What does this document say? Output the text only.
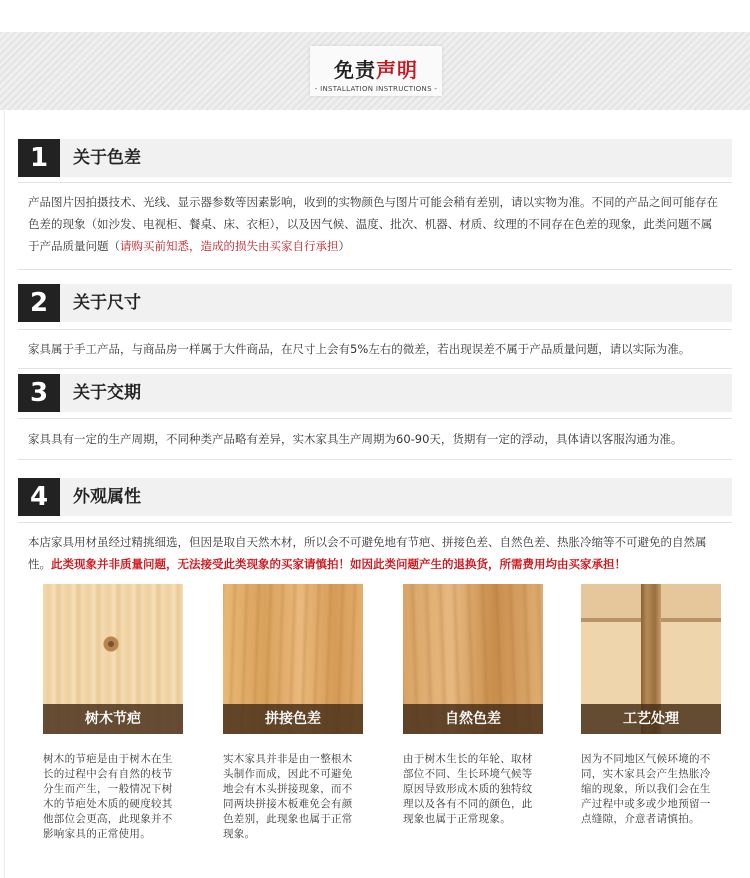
免责声明
- INSTALLATION INSTRUCTIONS -
1	关于色差
产品图片因拍摄技术、光线、显示器参数等因素影响，收到的实物颜色与图片可能会稍有差别，请以实物为准。不同的产品之间可能存在色差的现象（如沙发、电视柜、餐桌、床、衣柜），以及因气候、温度、批次、机器、材质、纹理的不同存在色差的现象，此类问题不属于产品质量问题（请购买前知悉，造成的损失由买家自行承担）
2	关于尺寸
家具属于手工产品，与商品房一样属于大件商品，在尺寸上会有5%左右的微差，若出现误差不属于产品质量问题，请以实际为准。
3	关于交期
家具具有一定的生产周期，不同种类产品略有差异，实木家具生产周期为60-90天，货期有一定的浮动，具体请以客服沟通为准。
4	外观属性
本店家具用材虽经过精挑细选，但因是取自天然木材，所以会不可避免地有节疤、拼接色差、自然色差、热胀冷缩等不可避免的自然属性。此类现象并非质量问题，无法接受此类现象的买家请慎拍！如因此类问题产生的退换货，所需费用均由买家承担！
树木节疤	拼接色差	自然色差	工艺处理
树木的节疤是由于树木在生长的过程中会有自然的枝节分生而产生，一般情况下树木的节疤处木质的硬度较其他部位会更高，此现象并不影响家具的正常使用。
实木家具并非是由一整根木头制作而成，因此不可避免地会有木头拼接现象，而不同两块拼接木板难免会有颜色差别，此现象也属于正常现象。
由于树木生长的年轮、取材部位不同、生长环境气候等原因导致形成木质的独特纹理以及各有不同的颜色，此现象也属于正常现象。
因为不同地区气候环境的不同，实木家具会产生热胀冷缩的现象，所以我们会在生产过程中或多或少地预留一点缝隙，介意者请慎拍。
